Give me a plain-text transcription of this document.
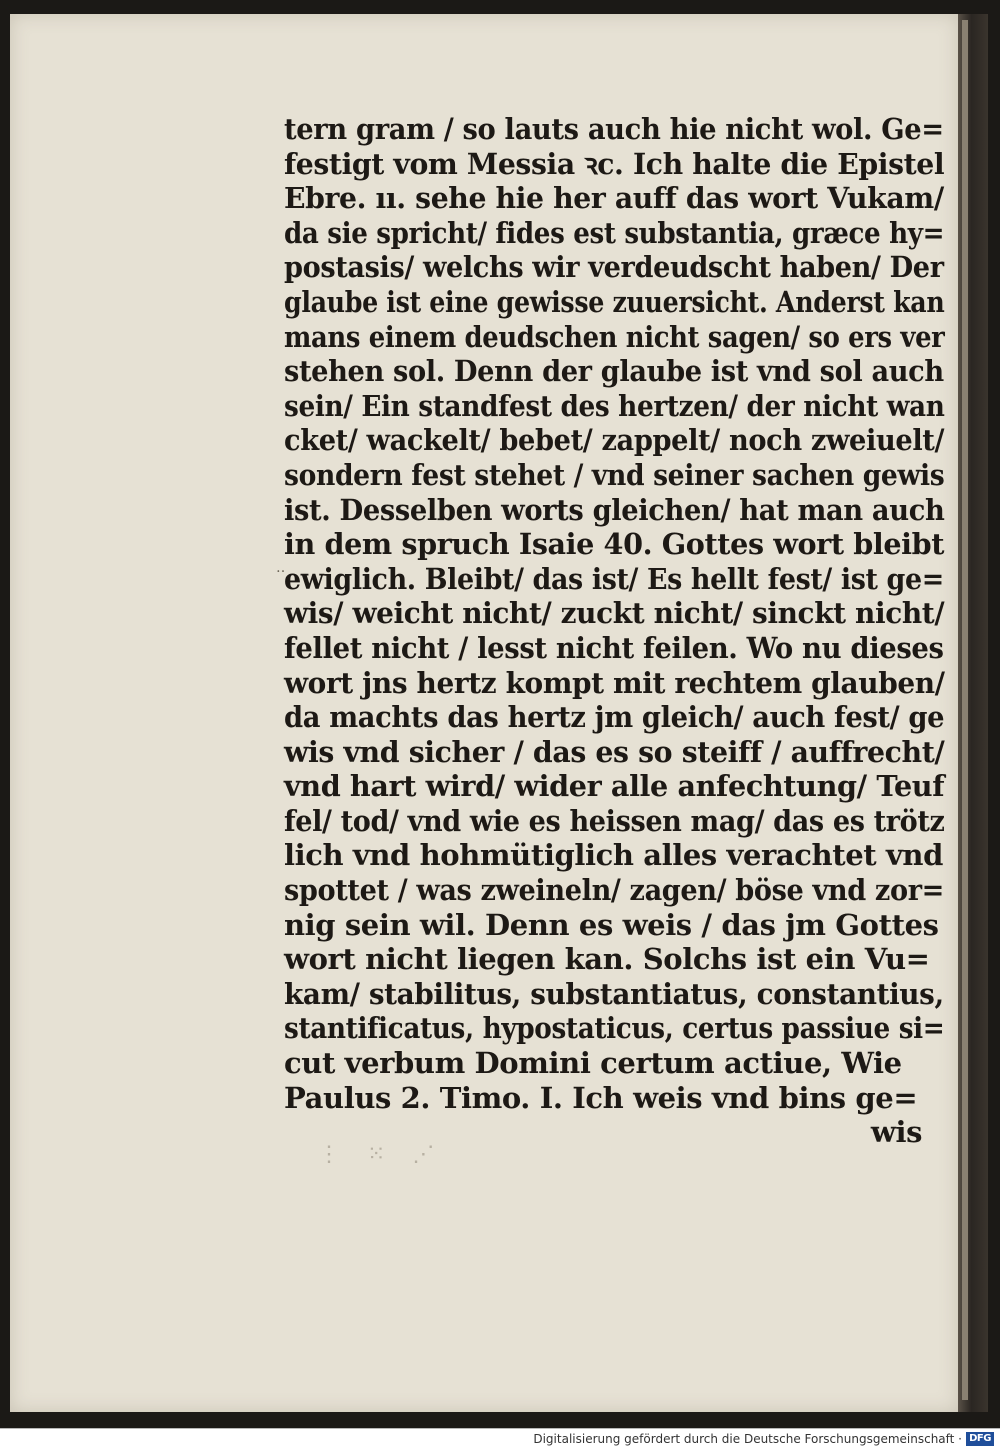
‥
tern gram / so lauts auch hie nicht wol. Ge=
festigt vom Messia ꝛc. Ich halte die Epistel
Ebre. ıı. sehe hie her auff das wort Vukam/
da sie spricht/ fides est substantia, græce hy=
postasis/ welchs wir verdeudscht haben/ Der
glaube ist eine gewisse zuuersicht. Anderst kan
mans einem deudschen nicht sagen/ so ers ver
stehen sol. Denn der glaube ist vnd sol auch
sein/ Ein standfest des hertzen/ der nicht wan
cket/ wackelt/ bebet/ zappelt/ noch zweiuelt/
sondern fest stehet / vnd seiner sachen gewis
ist. Desselben worts gleichen/ hat man auch
in dem spruch Isaie 40. Gottes wort bleibt
ewiglich. Bleibt/ das ist/ Es hellt fest/ ist ge=
wis/ weicht nicht/ zuckt nicht/ sinckt nicht/
fellet nicht / lesst nicht feilen. Wo nu dieses
wort jns hertz kompt mit rechtem glauben/
da machts das hertz jm gleich/ auch fest/ ge
wis vnd sicher / das es so steiff / auffrecht/
vnd hart wird/ wider alle anfechtung/ Teuf
fel/ tod/ vnd wie es heissen mag/ das es trötz
lich vnd hohmütiglich alles verachtet vnd
spottet / was zweineln/ zagen/ böse vnd zor=
nig sein wil. Denn es weis / das jm Gottes
wort nicht liegen kan. Solchs ist ein Vu=
kam/ stabilitus, substantiatus, constantius,
stantificatus, hypostaticus, certus passiue si=
cut verbum Domini certum actiue, Wie
Paulus 2. Timo. I. Ich weis vnd bins ge=
wis
⋮ ⁙ ⋰
Digitalisierung gefördert durch die Deutsche Forschungsgemeinschaft · DFG
